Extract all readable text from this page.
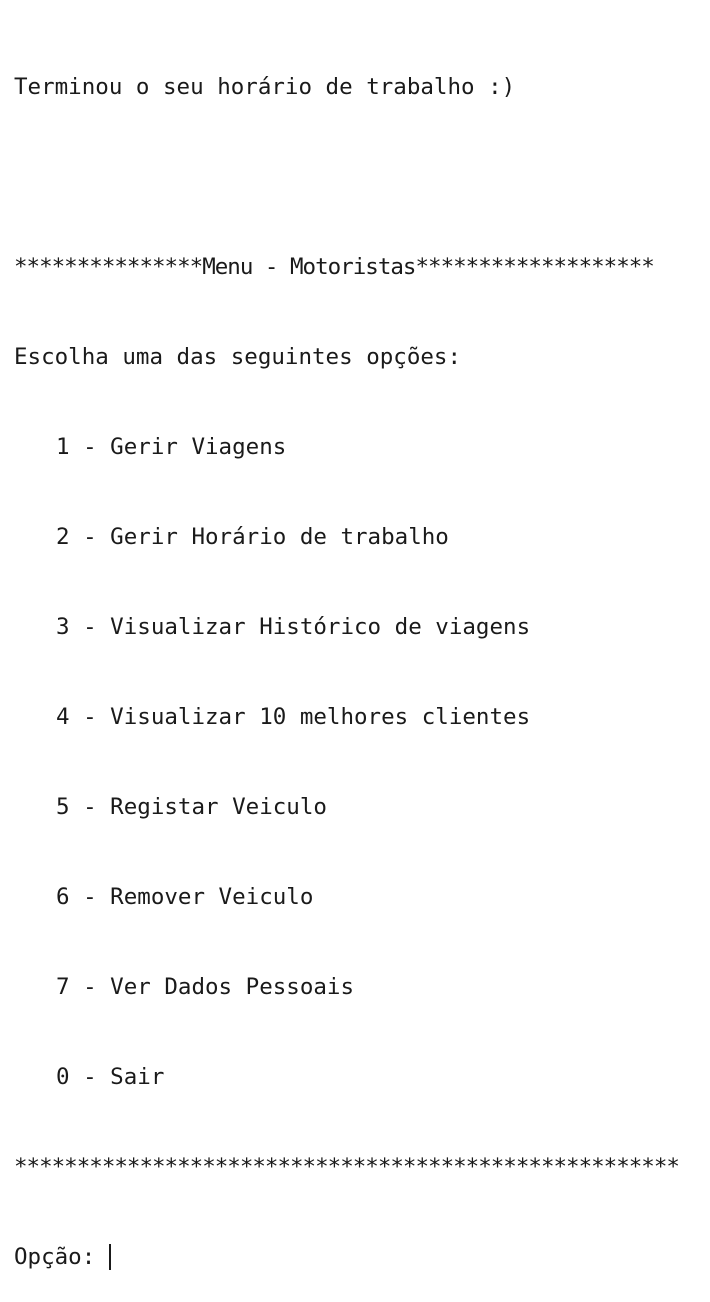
Terminou o seu horário de trabalho :)

***************Menu - Motoristas*******************

Escolha uma das seguintes opções:

1 - Gerir Viagens

2 - Gerir Horário de trabalho

3 - Visualizar Histórico de viagens

4 - Visualizar 10 melhores clientes

5 - Registar Veiculo

6 - Remover Veiculo

7 - Ver Dados Pessoais

0 - Sair

*****************************************************

Opção:
